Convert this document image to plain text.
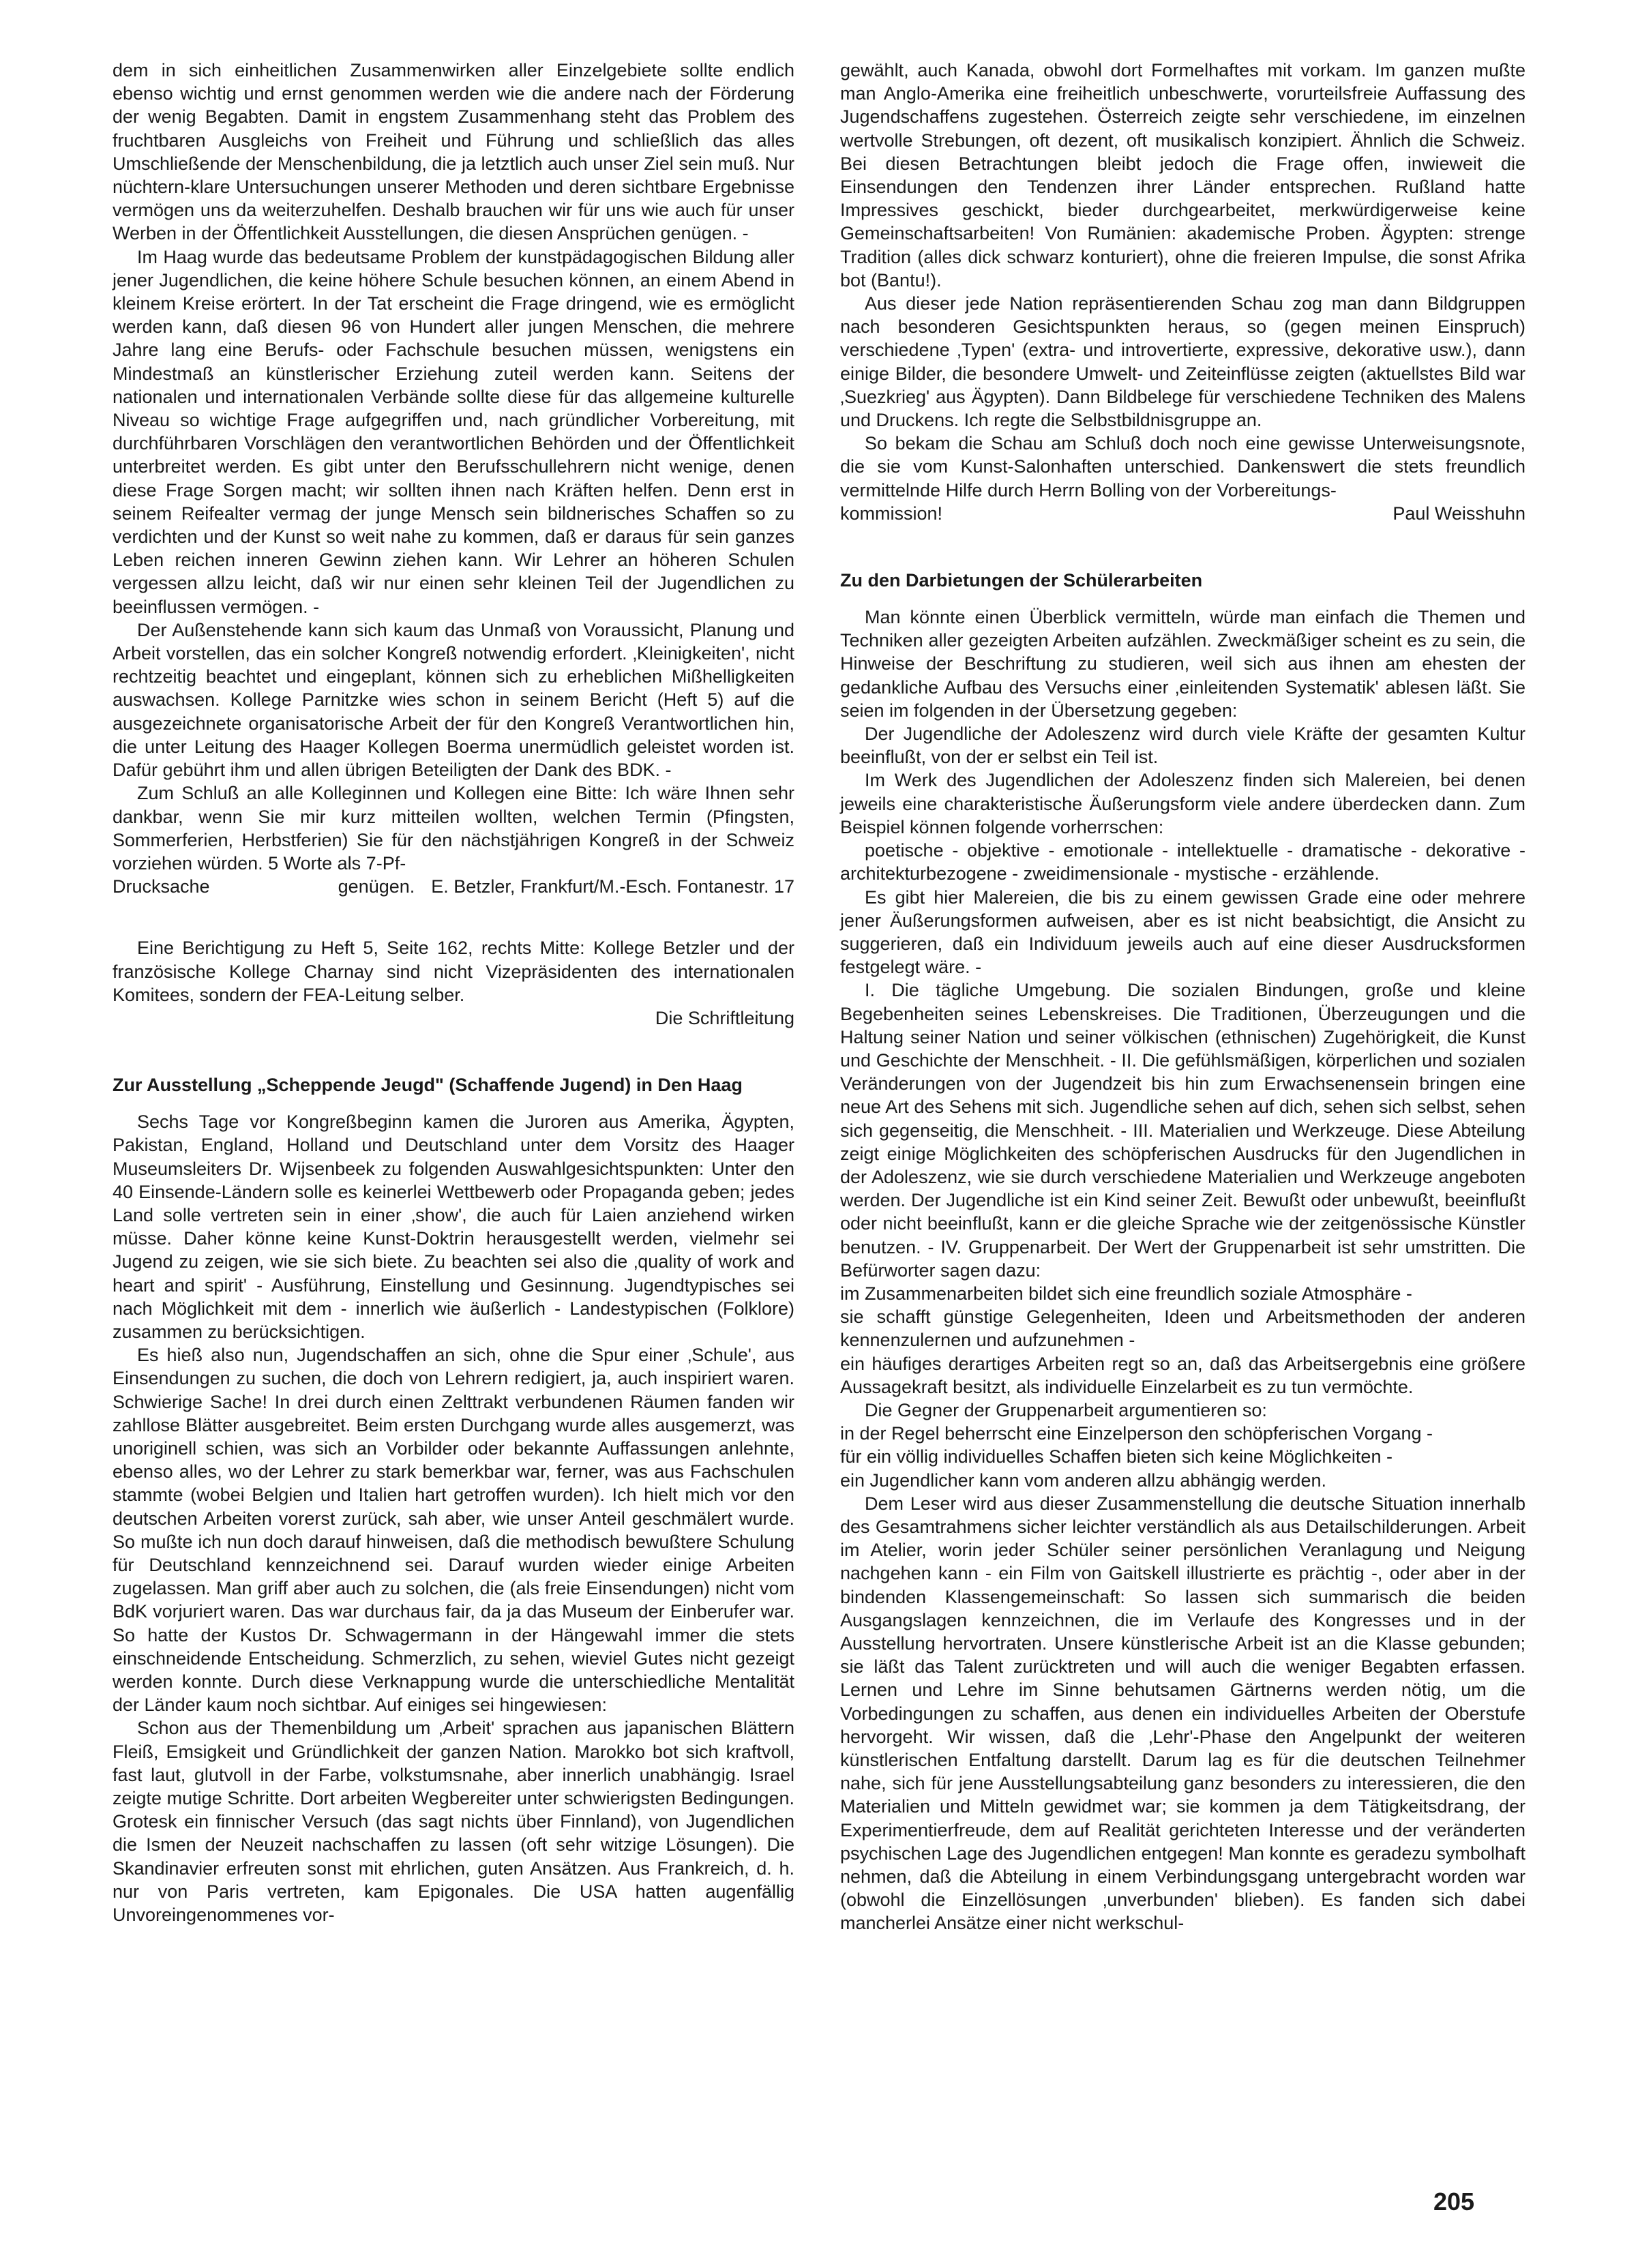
dem in sich einheitlichen Zusammenwirken aller Einzelgebiete sollte endlich ebenso wichtig und ernst genommen werden wie die andere nach der Förderung der wenig Begabten. Damit in engstem Zusammenhang steht das Problem des fruchtbaren Ausgleichs von Freiheit und Führung und schließlich das alles Umschließende der Menschenbildung, die ja letztlich auch unser Ziel sein muß. Nur nüchtern-klare Untersuchungen unserer Methoden und deren sichtbare Ergebnisse vermögen uns da weiterzuhelfen. Deshalb brauchen wir für uns wie auch für unser Werben in der Öffentlichkeit Ausstellungen, die diesen Ansprüchen genügen. -

Im Haag wurde das bedeutsame Problem der kunstpädagogischen Bildung aller jener Jugendlichen, die keine höhere Schule besuchen können, an einem Abend in kleinem Kreise erörtert. In der Tat erscheint die Frage dringend, wie es ermöglicht werden kann, daß diesen 96 von Hundert aller jungen Menschen, die mehrere Jahre lang eine Berufs- oder Fachschule besuchen müssen, wenigstens ein Mindestmaß an künstlerischer Erziehung zuteil werden kann. Seitens der nationalen und internationalen Verbände sollte diese für das allgemeine kulturelle Niveau so wichtige Frage aufgegriffen und, nach gründlicher Vorbereitung, mit durchführbaren Vorschlägen den verantwortlichen Behörden und der Öffentlichkeit unterbreitet werden. Es gibt unter den Berufsschullehrern nicht wenige, denen diese Frage Sorgen macht; wir sollten ihnen nach Kräften helfen. Denn erst in seinem Reifealter vermag der junge Mensch sein bildnerisches Schaffen so zu verdichten und der Kunst so weit nahe zu kommen, daß er daraus für sein ganzes Leben reichen inneren Gewinn ziehen kann. Wir Lehrer an höheren Schulen vergessen allzu leicht, daß wir nur einen sehr kleinen Teil der Jugendlichen zu beeinflussen vermögen. -

Der Außenstehende kann sich kaum das Unmaß von Voraussicht, Planung und Arbeit vorstellen, das ein solcher Kongreß notwendig erfordert. ‚Kleinigkeiten', nicht rechtzeitig beachtet und eingeplant, können sich zu erheblichen Mißhelligkeiten auswachsen. Kollege Parnitzke wies schon in seinem Bericht (Heft 5) auf die ausgezeichnete organisatorische Arbeit der für den Kongreß Verantwortlichen hin, die unter Leitung des Haager Kollegen Boerma unermüdlich geleistet worden ist. Dafür gebührt ihm und allen übrigen Beteiligten der Dank des BDK. -

Zum Schluß an alle Kolleginnen und Kollegen eine Bitte: Ich wäre Ihnen sehr dankbar, wenn Sie mir kurz mitteilen wollten, welchen Termin (Pfingsten, Sommerferien, Herbstferien) Sie für den nächstjährigen Kongreß in der Schweiz vorziehen würden. 5 Worte als 7-Pf-

Drucksache genügen. E. Betzler, Frankfurt/M.-Esch. Fontanestr. 17

Eine Berichtigung zu Heft 5, Seite 162, rechts Mitte: Kollege Betzler und der französische Kollege Charnay sind nicht Vizepräsidenten des internationalen Komitees, sondern der FEA-Leitung selber.

Die Schriftleitung

Zur Ausstellung „Scheppende Jeugd" (Schaffende Jugend) in Den Haag

Sechs Tage vor Kongreßbeginn kamen die Juroren aus Amerika, Ägypten, Pakistan, England, Holland und Deutschland unter dem Vorsitz des Haager Museumsleiters Dr. Wijsenbeek zu folgenden Auswahlgesichtspunkten: Unter den 40 Einsende-Ländern solle es keinerlei Wettbewerb oder Propaganda geben; jedes Land solle vertreten sein in einer ‚show', die auch für Laien anziehend wirken müsse. Daher könne keine Kunst-Doktrin herausgestellt werden, vielmehr sei Jugend zu zeigen, wie sie sich biete. Zu beachten sei also die ‚quality of work and heart and spirit' - Ausführung, Einstellung und Gesinnung. Jugendtypisches sei nach Möglichkeit mit dem - innerlich wie äußerlich - Landestypischen (Folklore) zusammen zu berücksichtigen.

Es hieß also nun, Jugendschaffen an sich, ohne die Spur einer ‚Schule', aus Einsendungen zu suchen, die doch von Lehrern redigiert, ja, auch inspiriert waren. Schwierige Sache! In drei durch einen Zelttrakt verbundenen Räumen fanden wir zahllose Blätter ausgebreitet. Beim ersten Durchgang wurde alles ausgemerzt, was unoriginell schien, was sich an Vorbilder oder bekannte Auffassungen anlehnte, ebenso alles, wo der Lehrer zu stark bemerkbar war, ferner, was aus Fachschulen stammte (wobei Belgien und Italien hart getroffen wurden). Ich hielt mich vor den deutschen Arbeiten vorerst zurück, sah aber, wie unser Anteil geschmälert wurde. So mußte ich nun doch darauf hinweisen, daß die methodisch bewußtere Schulung für Deutschland kennzeichnend sei. Darauf wurden wieder einige Arbeiten zugelassen. Man griff aber auch zu solchen, die (als freie Einsendungen) nicht vom BdK vorjuriert waren. Das war durchaus fair, da ja das Museum der Einberufer war. So hatte der Kustos Dr. Schwagermann in der Hängewahl immer die stets einschneidende Entscheidung. Schmerzlich, zu sehen, wieviel Gutes nicht gezeigt werden konnte. Durch diese Verknappung wurde die unterschiedliche Mentalität der Länder kaum noch sichtbar. Auf einiges sei hingewiesen:

Schon aus der Themenbildung um ‚Arbeit' sprachen aus japanischen Blättern Fleiß, Emsigkeit und Gründlichkeit der ganzen Nation. Marokko bot sich kraftvoll, fast laut, glutvoll in der Farbe, volkstumsnahe, aber innerlich unabhängig. Israel zeigte mutige Schritte. Dort arbeiten Wegbereiter unter schwierigsten Bedingungen. Grotesk ein finnischer Versuch (das sagt nichts über Finnland), von Jugendlichen die Ismen der Neuzeit nachschaffen zu lassen (oft sehr witzige Lösungen). Die Skandinavier erfreuten sonst mit ehrlichen, guten Ansätzen. Aus Frankreich, d. h. nur von Paris vertreten, kam Epigonales. Die USA hatten augenfällig Unvoreingenommenes vor-

gewählt, auch Kanada, obwohl dort Formelhaftes mit vorkam. Im ganzen mußte man Anglo-Amerika eine freiheitlich unbeschwerte, vorurteilsfreie Auffassung des Jugendschaffens zugestehen. Österreich zeigte sehr verschiedene, im einzelnen wertvolle Strebungen, oft dezent, oft musikalisch konzipiert. Ähnlich die Schweiz. Bei diesen Betrachtungen bleibt jedoch die Frage offen, inwieweit die Einsendungen den Tendenzen ihrer Länder entsprechen. Rußland hatte Impressives geschickt, bieder durchgearbeitet, merkwürdigerweise keine Gemeinschaftsarbeiten! Von Rumänien: akademische Proben. Ägypten: strenge Tradition (alles dick schwarz konturiert), ohne die freieren Impulse, die sonst Afrika bot (Bantu!).

Aus dieser jede Nation repräsentierenden Schau zog man dann Bildgruppen nach besonderen Gesichtspunkten heraus, so (gegen meinen Einspruch) verschiedene ‚Typen' (extra- und introvertierte, expressive, dekorative usw.), dann einige Bilder, die besondere Umwelt- und Zeiteinflüsse zeigten (aktuellstes Bild war ‚Suezkrieg' aus Ägypten). Dann Bildbelege für verschiedene Techniken des Malens und Druckens. Ich regte die Selbstbildnisgruppe an.

So bekam die Schau am Schluß doch noch eine gewisse Unterweisungsnote, die sie vom Kunst-Salonhaften unterschied. Dankenswert die stets freundlich vermittelnde Hilfe durch Herrn Bolling von der Vorbereitungs-

kommission!	Paul Weisshuhn
Zu den Darbietungen der Schülerarbeiten

Man könnte einen Überblick vermitteln, würde man einfach die Themen und Techniken aller gezeigten Arbeiten aufzählen. Zweckmäßiger scheint es zu sein, die Hinweise der Beschriftung zu studieren, weil sich aus ihnen am ehesten der gedankliche Aufbau des Versuchs einer ‚einleitenden Systematik' ablesen läßt. Sie seien im folgenden in der Übersetzung gegeben:

Der Jugendliche der Adoleszenz wird durch viele Kräfte der gesamten Kultur beeinflußt, von der er selbst ein Teil ist.

Im Werk des Jugendlichen der Adoleszenz finden sich Malereien, bei denen jeweils eine charakteristische Äußerungsform viele andere überdecken dann. Zum Beispiel können folgende vorherrschen:

poetische - objektive - emotionale - intellektuelle - dramatische - dekorative - architekturbezogene - zweidimensionale - mystische - erzählende.

Es gibt hier Malereien, die bis zu einem gewissen Grade eine oder mehrere jener Äußerungsformen aufweisen, aber es ist nicht beabsichtigt, die Ansicht zu suggerieren, daß ein Individuum jeweils auch auf eine dieser Ausdrucksformen festgelegt wäre. -

I. Die tägliche Umgebung. Die sozialen Bindungen, große und kleine Begebenheiten seines Lebenskreises. Die Traditionen, Überzeugungen und die Haltung seiner Nation und seiner völkischen (ethnischen) Zugehörigkeit, die Kunst und Geschichte der Menschheit. - II. Die gefühlsmäßigen, körperlichen und sozialen Veränderungen von der Jugendzeit bis hin zum Erwachsenensein bringen eine neue Art des Sehens mit sich. Jugendliche sehen auf dich, sehen sich selbst, sehen sich gegenseitig, die Menschheit. - III. Materialien und Werkzeuge. Diese Abteilung zeigt einige Möglichkeiten des schöpferischen Ausdrucks für den Jugendlichen in der Adoleszenz, wie sie durch verschiedene Materialien und Werkzeuge angeboten werden. Der Jugendliche ist ein Kind seiner Zeit. Bewußt oder unbewußt, beeinflußt oder nicht beeinflußt, kann er die gleiche Sprache wie der zeitgenössische Künstler benutzen. - IV. Gruppenarbeit. Der Wert der Gruppenarbeit ist sehr umstritten. Die Befürworter sagen dazu:

im Zusammenarbeiten bildet sich eine freundlich soziale Atmosphäre -

sie schafft günstige Gelegenheiten, Ideen und Arbeitsmethoden der anderen kennenzulernen und aufzunehmen -

ein häufiges derartiges Arbeiten regt so an, daß das Arbeitsergebnis eine größere Aussagekraft besitzt, als individuelle Einzelarbeit es zu tun vermöchte.

Die Gegner der Gruppenarbeit argumentieren so:

in der Regel beherrscht eine Einzelperson den schöpferischen Vorgang -

für ein völlig individuelles Schaffen bieten sich keine Möglichkeiten -

ein Jugendlicher kann vom anderen allzu abhängig werden.

Dem Leser wird aus dieser Zusammenstellung die deutsche Situation innerhalb des Gesamtrahmens sicher leichter verständlich als aus Detailschilderungen. Arbeit im Atelier, worin jeder Schüler seiner persönlichen Veranlagung und Neigung nachgehen kann - ein Film von Gaitskell illustrierte es prächtig -, oder aber in der bindenden Klassengemeinschaft: So lassen sich summarisch die beiden Ausgangslagen kennzeichnen, die im Verlaufe des Kongresses und in der Ausstellung hervortraten. Unsere künstlerische Arbeit ist an die Klasse gebunden; sie läßt das Talent zurücktreten und will auch die weniger Begabten erfassen. Lernen und Lehre im Sinne behutsamen Gärtnerns werden nötig, um die Vorbedingungen zu schaffen, aus denen ein individuelles Arbeiten der Oberstufe hervorgeht. Wir wissen, daß die ‚Lehr'-Phase den Angelpunkt der weiteren künstlerischen Entfaltung darstellt. Darum lag es für die deutschen Teilnehmer nahe, sich für jene Ausstellungsabteilung ganz besonders zu interessieren, die den Materialien und Mitteln gewidmet war; sie kommen ja dem Tätigkeitsdrang, der Experimentierfreude, dem auf Realität gerichteten Interesse und der veränderten psychischen Lage des Jugendlichen entgegen! Man konnte es geradezu symbolhaft nehmen, daß die Abteilung in einem Verbindungsgang untergebracht worden war (obwohl die Einzellösungen ‚unverbunden' blieben). Es fanden sich dabei mancherlei Ansätze einer nicht werkschul-

205
